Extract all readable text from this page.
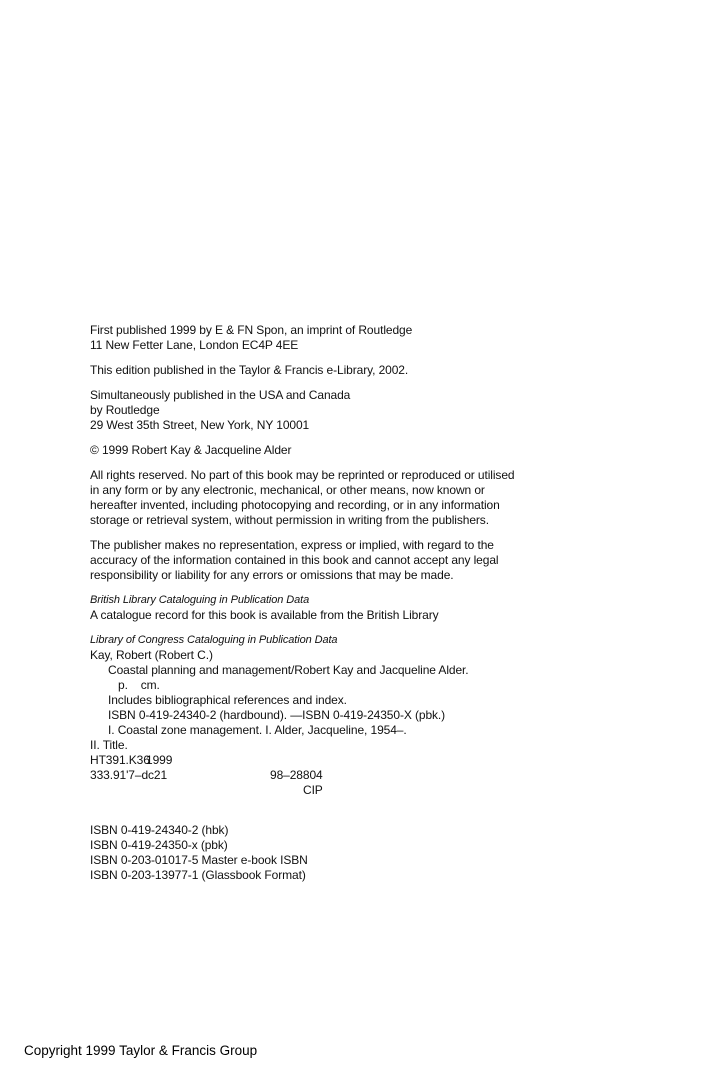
First published 1999 by E & FN Spon, an imprint of Routledge
11 New Fetter Lane, London EC4P 4EE
This edition published in the Taylor & Francis e-Library, 2002.
Simultaneously published in the USA and Canada
by Routledge
29 West 35th Street, New York, NY 10001
© 1999 Robert Kay & Jacqueline Alder
All rights reserved. No part of this book may be reprinted or reproduced or utilised
in any form or by any electronic, mechanical, or other means, now known or
hereafter invented, including photocopying and recording, or in any information
storage or retrieval system, without permission in writing from the publishers.
The publisher makes no representation, express or implied, with regard to the
accuracy of the information contained in this book and cannot accept any legal
responsibility or liability for any errors or omissions that may be made.
British Library Cataloguing in Publication Data
A catalogue record for this book is available from the British Library
Library of Congress Cataloguing in Publication Data
Kay, Robert (Robert C.)
Coastal planning and management/Robert Kay and Jacqueline Alder.
p.    cm.
Includes bibliographical references and index.
ISBN 0-419-24340-2 (hardbound). —ISBN 0-419-24350-X (pbk.)
I. Coastal zone management. I. Alder, Jacqueline, 1954–.
II. Title.
HT391.K361999
333.91'7–dc21	98–28804
CIP
ISBN 0-419-24340-2 (hbk)
ISBN 0-419-24350-x (pbk)
ISBN 0-203-01017-5 Master e-book ISBN
ISBN 0-203-13977-1 (Glassbook Format)
Copyright 1999 Taylor & Francis Group
